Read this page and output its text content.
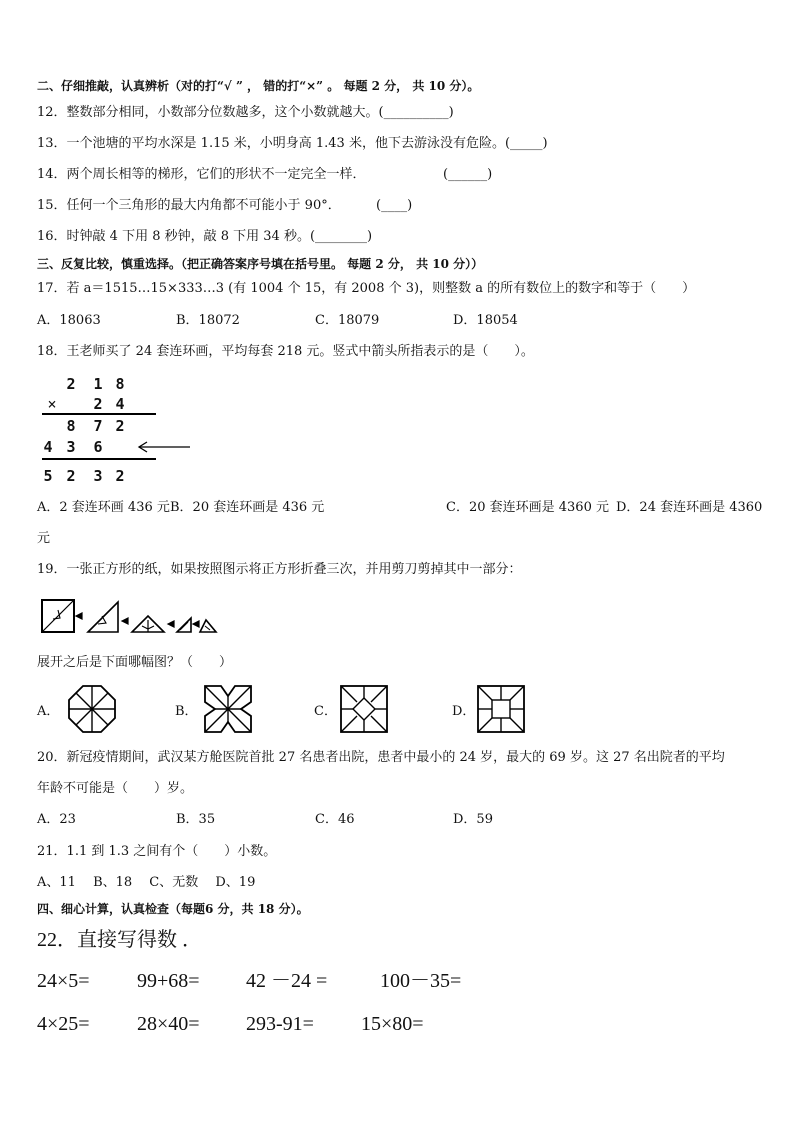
二、仔细推敲，认真辨析（对的打“√ ” ， 错的打“×” 。 每题 2 分， 共 10 分）。
12．整数部分相同，小数部分位数越多，这个小数就越大。(__________)
13．一个池塘的平均水深是 1.15 米，小明身高 1.43 米，他下去游泳没有危险。(_____)
14．两个周长相等的梯形，它们的形状不一定完全一样．	(______)
15．任何一个三角形的最大内角都不可能小于 90°．	(____)
16．时钟敲 4 下用 8 秒钟，敲 8 下用 34 秒。(________)
三、反复比较，慎重选择。（把正确答案序号填在括号里。 每题 2 分， 共 10 分））
17．若 a＝1515…15×333…3 (有 1004 个 15，有 2008 个 3)，则整数 a 的所有数位上的数字和等于（　　）
A．18063	B．18072	C．18079	D．18054
18．王老师买了 24 套连环画，平均每套 218 元。竖式中箭头所指表示的是（　　）。
2	1 8
×	2 4
8	7 2
4 3	6
5 2	3 2
A．2 套连环画 436 元 B．20 套连环画是 436 元	C．20 套连环画是 4360 元 D．24 套连环画是 4360
元
19．一张正方形的纸，如果按照图示将正方形折叠三次，并用剪刀剪掉其中一部分：
展开之后是下面哪幅图？（　　）
A．	B．	C．	D．
20．新冠疫情期间，武汉某方舱医院首批 27 名患者出院，患者中最小的 24 岁，最大的 69 岁。这 27 名出院者的平均
年龄不可能是（　　）岁。
A．23	B．35	C．46	D．59
21．1.1 到 1.3 之间有个（　　）小数。
A、11　 B、18　 C、无数　 D、19
四、细心计算，认真检查（每题6 分，共 18 分）。
22．直接写得数 ．
24×5= 99+68= 42 －24 =	100－35=
4×25= 28×40= 293-91= 15×80=
